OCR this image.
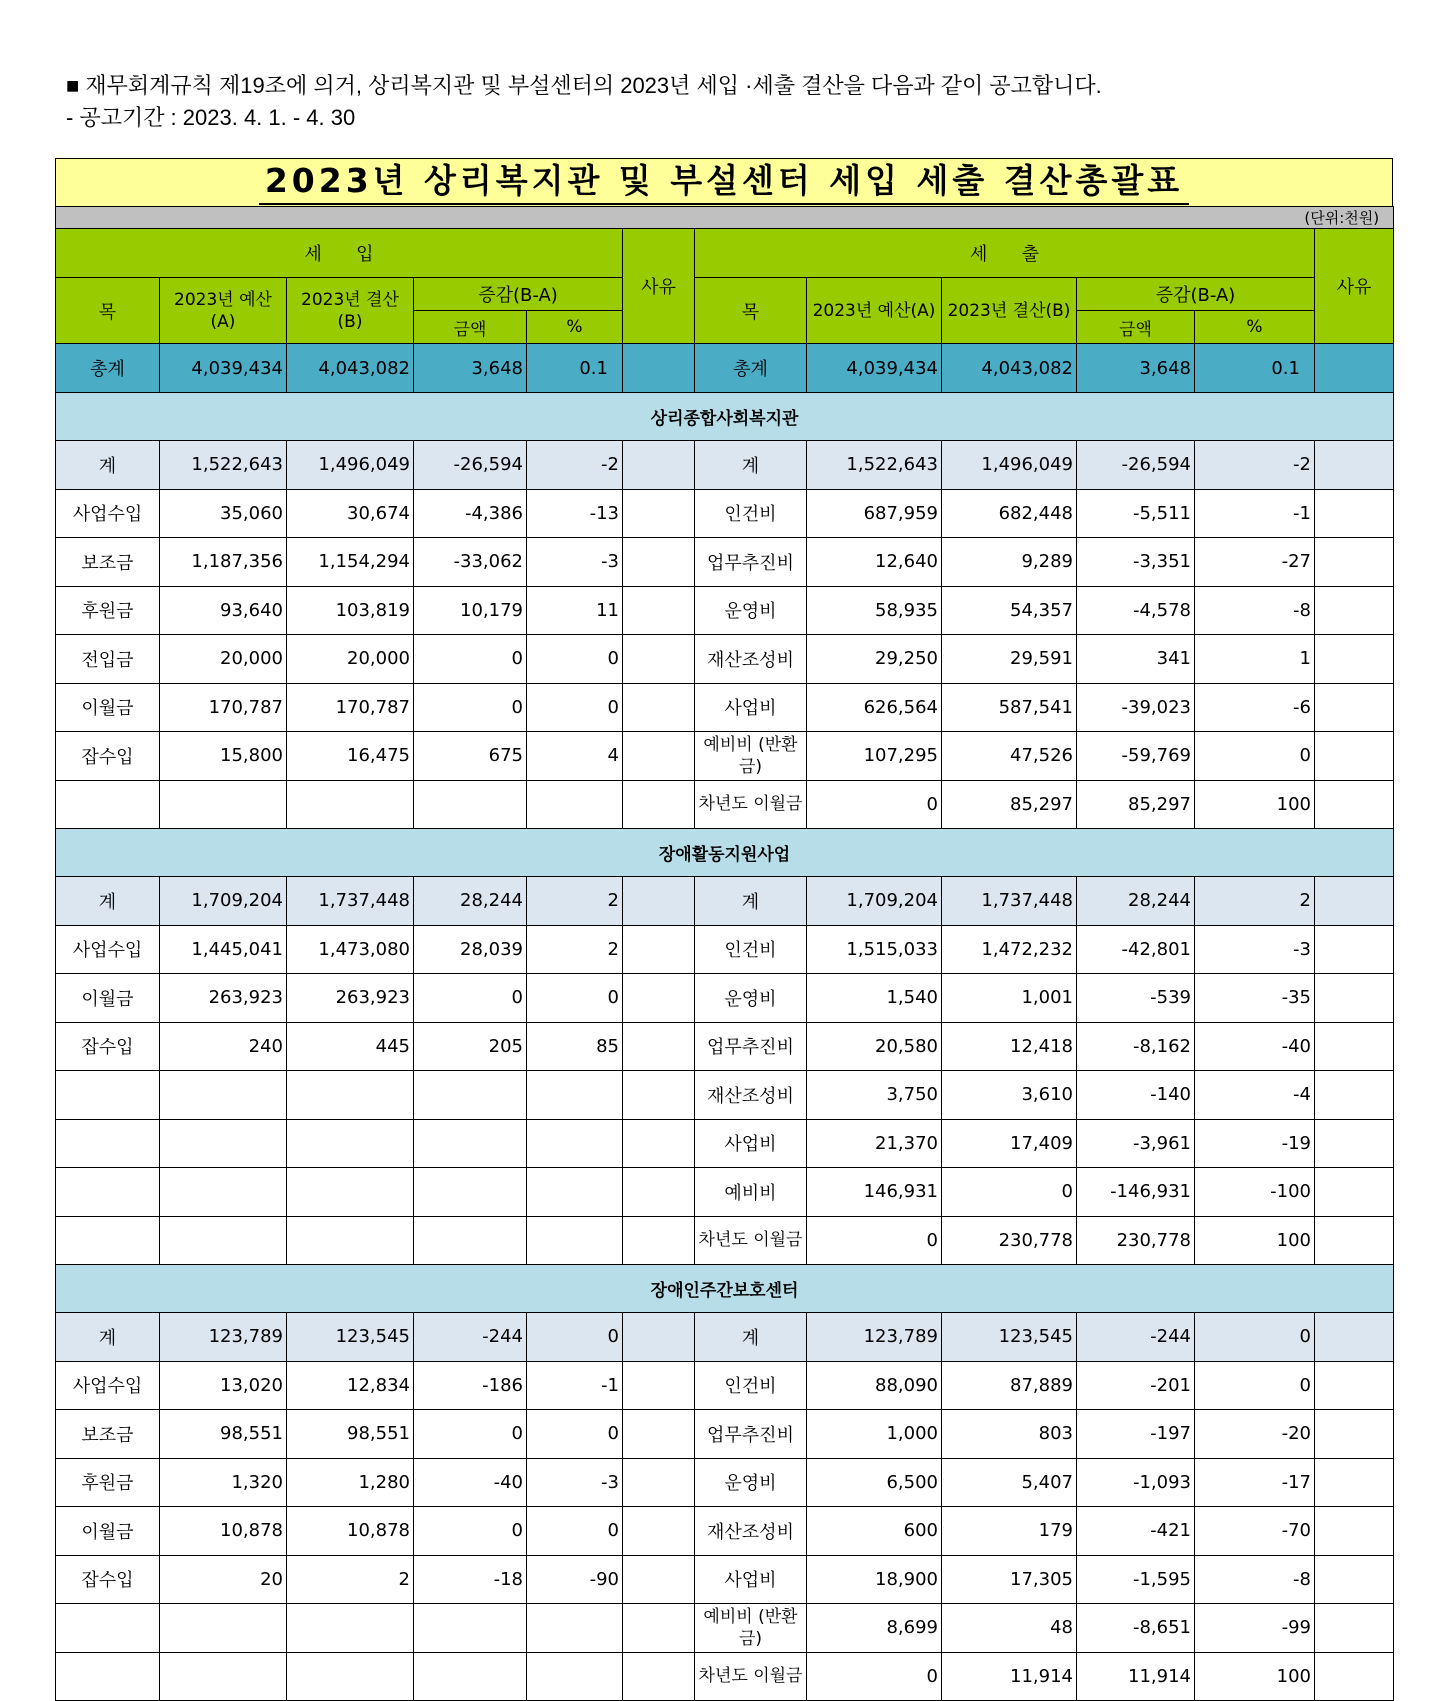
■ 재무회계규칙 제19조에 의거, 상리복지관 및 부설센터의 2023년 세입 ·세출 결산을 다음과 같이 공고합니다.
- 공고기간 : 2023. 4. 1. - 4. 30
2023년 상리복지관 및 부설센터 세입 세출 결산총괄표
(단위:천원)											
세      입					사유	세      출					사유
목	2023년 예산(A)	2023년 결산(B)	증감(B-A)			목	2023년 예산(A)	2023년 결산(B)	증감(B-A)		
			금액	%					금액	%	
총계	4,039,434	4,043,082	3,648	0.1		총계	4,039,434	4,043,082	3,648	0.1	
상리종합사회복지관											
계	1,522,643	1,496,049	-26,594	-2		계	1,522,643	1,496,049	-26,594	-2	
사업수입	35,060	30,674	-4,386	-13		인건비	687,959	682,448	-5,511	-1	
보조금	1,187,356	1,154,294	-33,062	-3		업무추진비	12,640	9,289	-3,351	-27	
후원금	93,640	103,819	10,179	11		운영비	58,935	54,357	-4,578	-8	
전입금	20,000	20,000	0	0		재산조성비	29,250	29,591	341	1	
이월금	170,787	170,787	0	0		사업비	626,564	587,541	-39,023	-6	
잡수입	15,800	16,475	675	4		예비비 (반환금)	107,295	47,526	-59,769	0	
						차년도 이월금	0	85,297	85,297	100	
장애활동지원사업											
계	1,709,204	1,737,448	28,244	2		계	1,709,204	1,737,448	28,244	2	
사업수입	1,445,041	1,473,080	28,039	2		인건비	1,515,033	1,472,232	-42,801	-3	
이월금	263,923	263,923	0	0		운영비	1,540	1,001	-539	-35	
잡수입	240	445	205	85		업무추진비	20,580	12,418	-8,162	-40	
						재산조성비	3,750	3,610	-140	-4	
						사업비	21,370	17,409	-3,961	-19	
						예비비	146,931	0	-146,931	-100	
						차년도 이월금	0	230,778	230,778	100	
장애인주간보호센터											
계	123,789	123,545	-244	0		계	123,789	123,545	-244	0	
사업수입	13,020	12,834	-186	-1		인건비	88,090	87,889	-201	0	
보조금	98,551	98,551	0	0		업무추진비	1,000	803	-197	-20	
후원금	1,320	1,280	-40	-3		운영비	6,500	5,407	-1,093	-17	
이월금	10,878	10,878	0	0		재산조성비	600	179	-421	-70	
잡수입	20	2	-18	-90		사업비	18,900	17,305	-1,595	-8	
						예비비 (반환금)	8,699	48	-8,651	-99	
						차년도 이월금	0	11,914	11,914	100	
